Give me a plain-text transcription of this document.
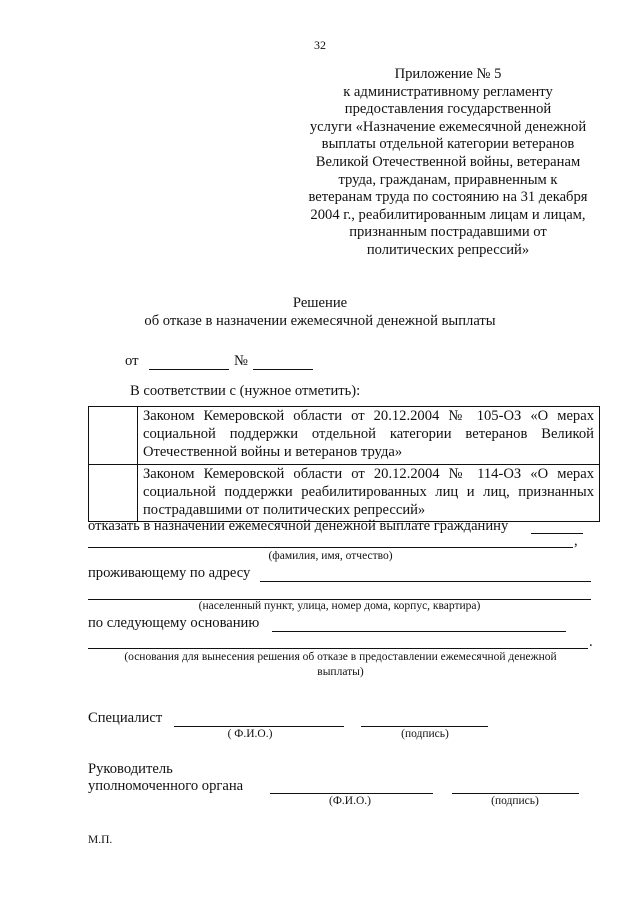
32
Приложение № 5
к административному регламенту
предоставления государственной
услуги «Назначение ежемесячной денежной
выплаты отдельной категории ветеранов
Великой Отечественной войны, ветеранам
труда, гражданам, приравненным к
ветеранам труда по состоянию на 31 декабря
2004 г., реабилитированным лицам и лицам,
признанным пострадавшими от
политических репрессий»
Решение
об отказе в назначении ежемесячной денежной выплаты
от	№
В соответствии с (нужное отметить):
	Законом Кемеровской области от 20.12.2004 № 105-ОЗ «О мерах социальной поддержки отдельной категории ветеранов Великой Отечественной войны и ветеранов труда»
	Законом Кемеровской области от 20.12.2004 № 114-ОЗ «О мерах социальной поддержки реабилитированных лиц и лиц, признанных пострадавшими от политических репрессий»
отказать в назначении ежемесячной денежной выплате гражданину
,
(фамилия, имя, отчество)
проживающему по адресу
(населенный пункт, улица, номер дома, корпус, квартира)
по следующему основанию
.
(основания для вынесения решения об отказе в предоставлении ежемесячной денежной
выплаты)
Специалист
( Ф.И.О.)	(подпись)
Руководитель
уполномоченного органа
(Ф.И.О.)	(подпись)
М.П.
